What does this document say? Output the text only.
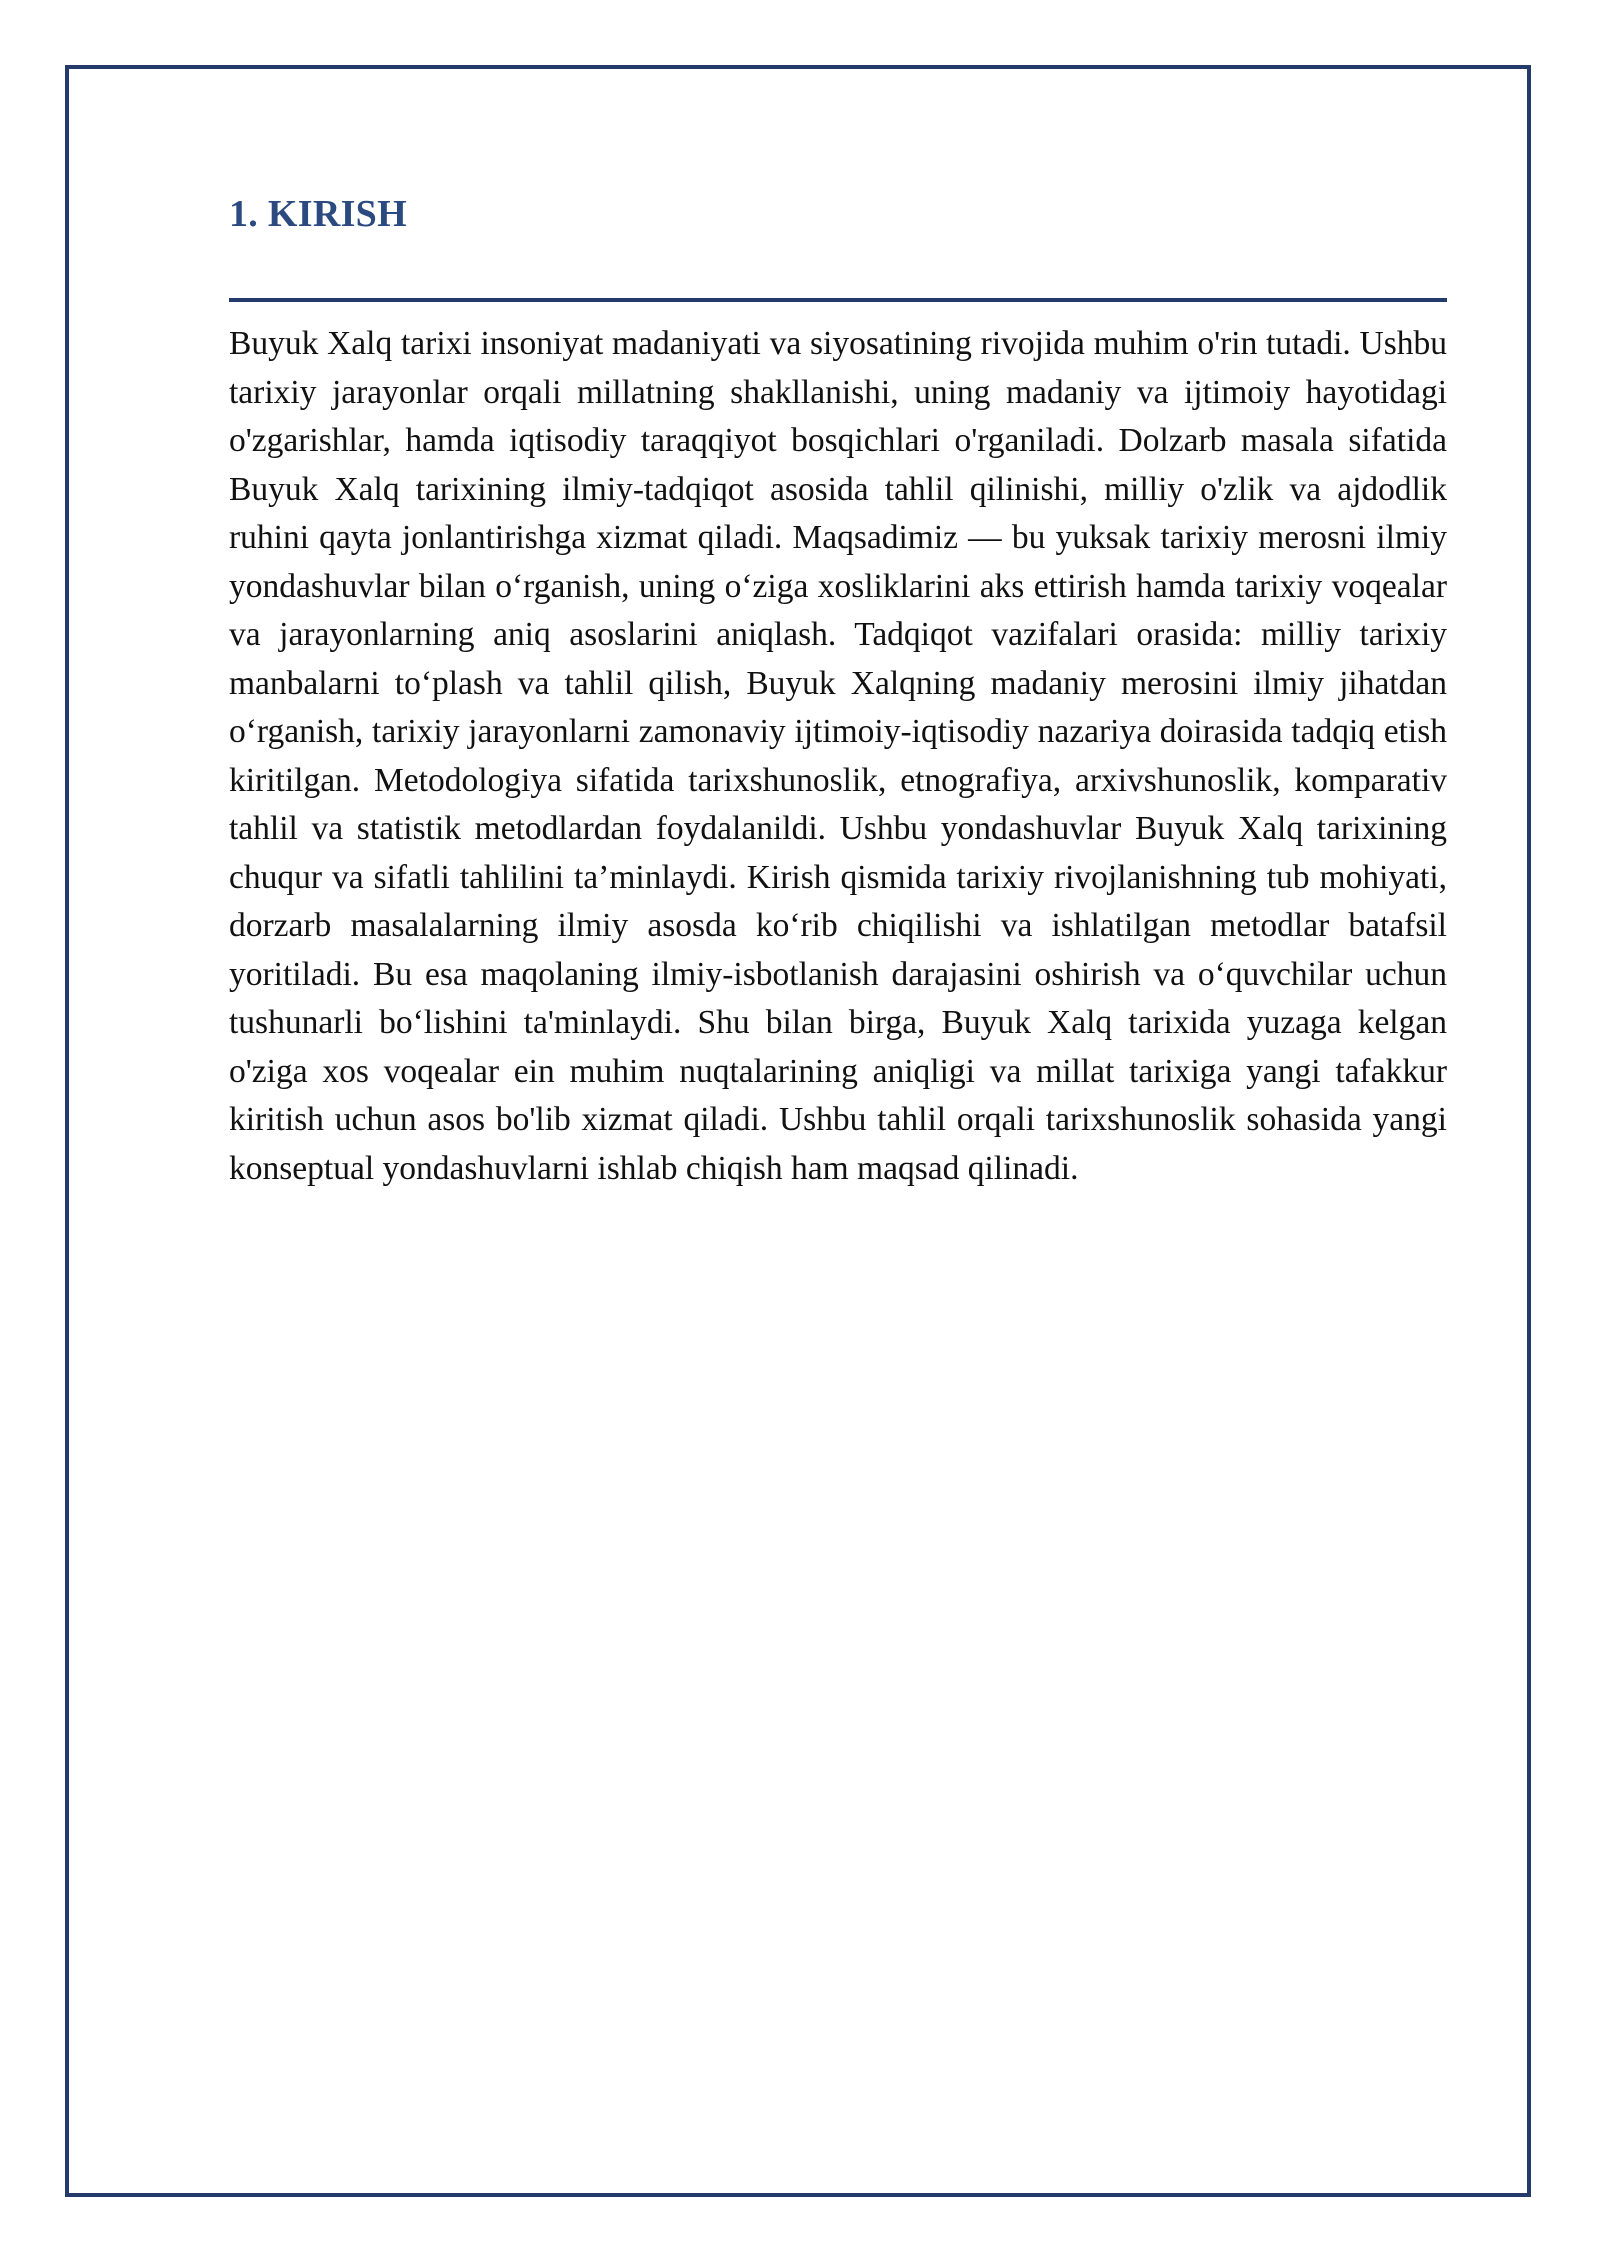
1. KIRISH

Buyuk Xalq tarixi insoniyat madaniyati va siyosatining rivojida muhim o'rin tutadi. Ushbu tarixiy jarayonlar orqali millatning shakllanishi, uning madaniy va ijtimoiy hayotidagi o'zgarishlar, hamda iqtisodiy taraqqiyot bosqichlari o'rganiladi. Dolzarb masala sifatida Buyuk Xalq tarixining ilmiy-tadqiqot asosida tahlil qilinishi, milliy o'zlik va ajdodlik ruhini qayta jonlantirishga xizmat qiladi. Maqsadimiz — bu yuksak tarixiy merosni ilmiy yondashuvlar bilan o‘rganish, uning o‘ziga xosliklarini aks ettirish hamda tarixiy voqealar va jarayonlarning aniq asoslarini aniqlash. Tadqiqot vazifalari orasida: milliy tarixiy manbalarni to‘plash va tahlil qilish, Buyuk Xalqning madaniy merosini ilmiy jihatdan o‘rganish, tarixiy jarayonlarni zamonaviy ijtimoiy-iqtisodiy nazariya doirasida tadqiq etish kiritilgan. Metodologiya sifatida tarixshunoslik, etnografiya, arxivshunoslik, komparativ tahlil va statistik metodlardan foydalanildi. Ushbu yondashuvlar Buyuk Xalq tarixining chuqur va sifatli tahlilini ta’minlaydi. Kirish qismida tarixiy rivojlanishning tub mohiyati, dorzarb masalalarning ilmiy asosda ko‘rib chiqilishi va ishlatilgan metodlar batafsil yoritiladi. Bu esa maqolaning ilmiy-isbotlanish darajasini oshirish va o‘quvchilar uchun tushunarli bo‘lishini ta'minlaydi. Shu bilan birga, Buyuk Xalq tarixida yuzaga kelgan o'ziga xos voqealar ein muhim nuqtalarining aniqligi va millat tarixiga yangi tafakkur kiritish uchun asos bo'lib xizmat qiladi. Ushbu tahlil orqali tarixshunoslik sohasida yangi konseptual yondashuvlarni ishlab chiqish ham maqsad qilinadi.
